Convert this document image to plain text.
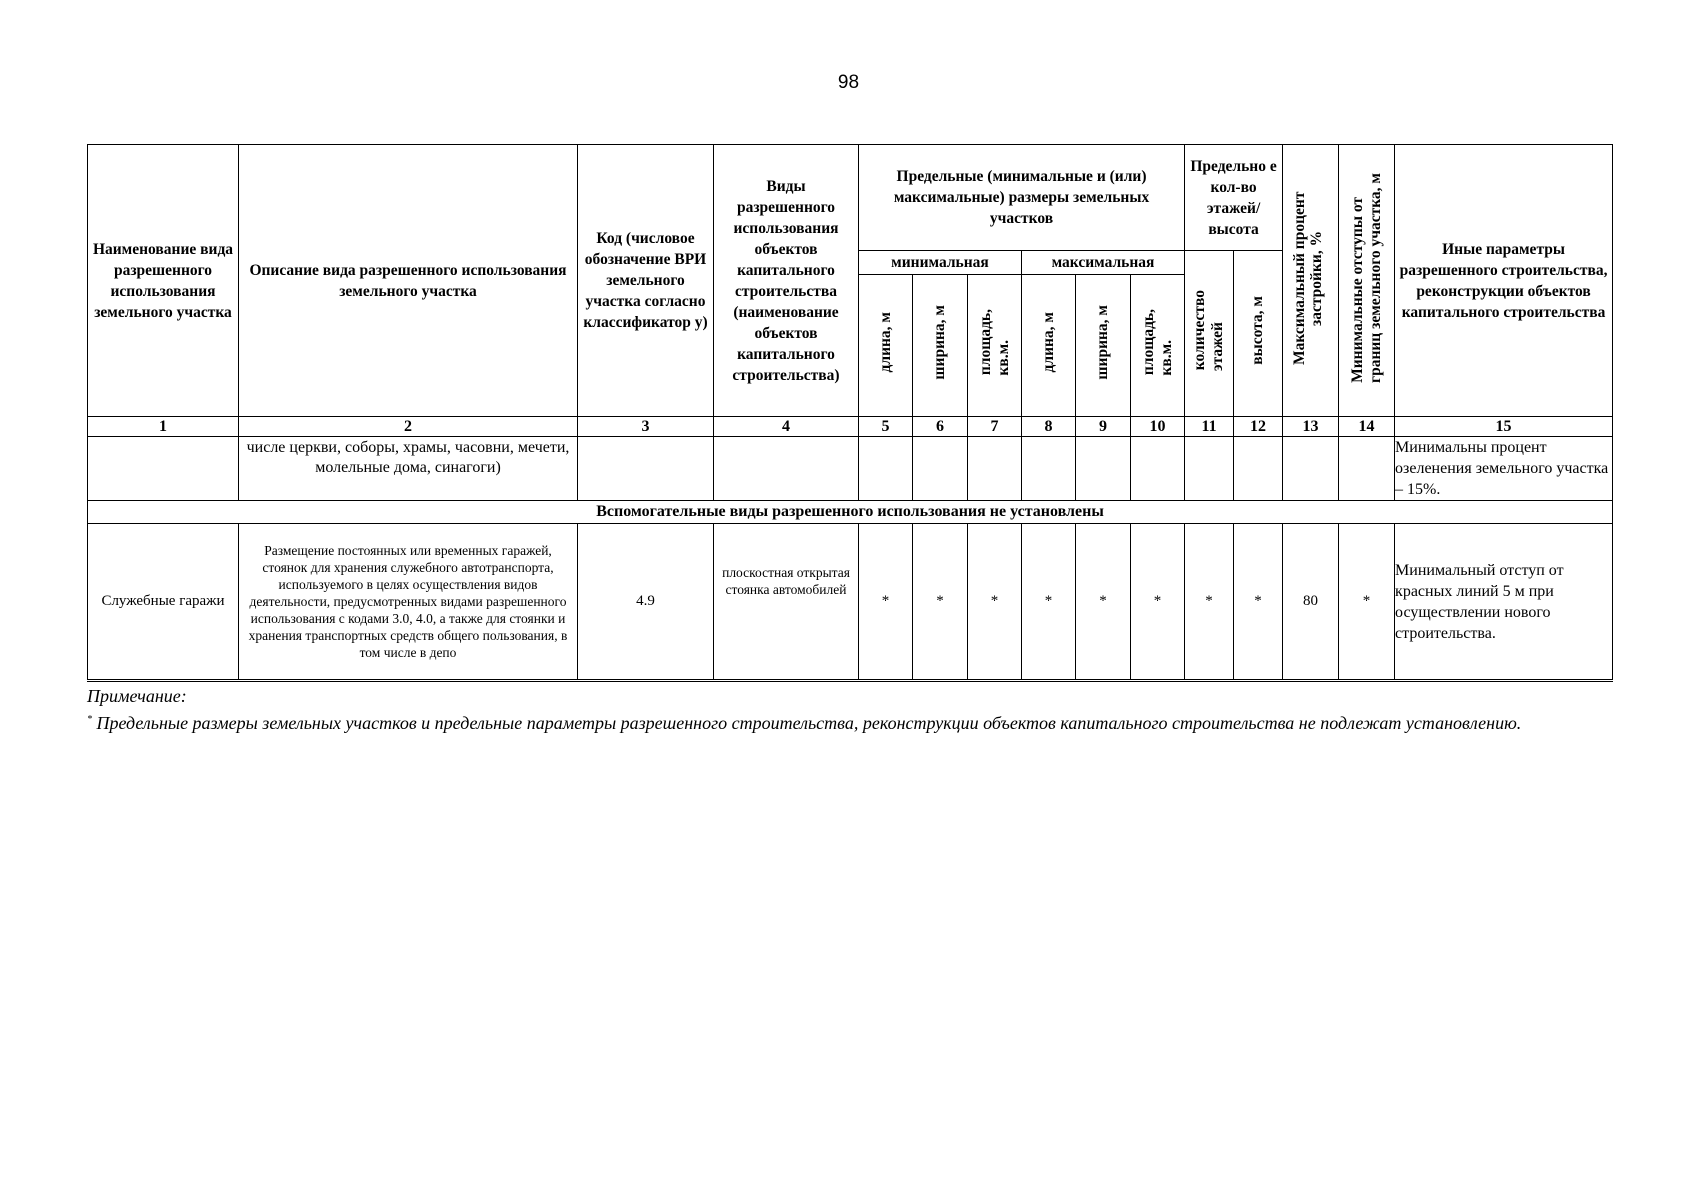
98
Наименование вида разрешенного использования земельного участка	Описание вида разрешенного использования земельного участка	Код (числовое обозначение ВРИ земельного участка согласно классификатор у)	Виды разрешенного использования объектов капитального строительства (наименование объектов капитального строительства)	Предельные (минимальные и (или) максимальные) размеры земельных участков						Предельно е кол-во этажей/ высота		Максимальный процент застройки, %	Минимальные отступы отграниц земельного участка, м	Иные параметры разрешенного строительства, реконструкции объектов капитального строительства
				минимальная			максимальная			количествоэтажей	высота, м			
				длина, м	ширина, м	площадь,кв.м.	длина, м	ширина, м	площадь,кв.м.					
1	2	3	4	5	6	7	8	9	10	11	12	13	14	15
	числе церкви, соборы, храмы, часовни, мечети, молельные дома, синагоги)													Минимальны процент озеленения земельного участка – 15%.
Вспомогательные виды разрешенного использования не установлены														
Служебные гаражи	Размещение постоянных или временных гаражей, стоянок для хранения служебного автотранспорта, используемого в целях осуществления видов деятельности, предусмотренных видами разрешенного использования с кодами 3.0, 4.0, а также для стоянки и хранения транспортных средств общего пользования, в том числе в депо	4.9	плоскостная открытая стоянка автомобилей	*	*	*	*	*	*	*	*	80	*	Минимальный отступ от красных линий 5 м при осуществлении нового строительства.

Примечание:

* Предельные размеры земельных участков и предельные параметры разрешенного строительства, реконструкции объектов капитального строительства не подлежат установлению.
